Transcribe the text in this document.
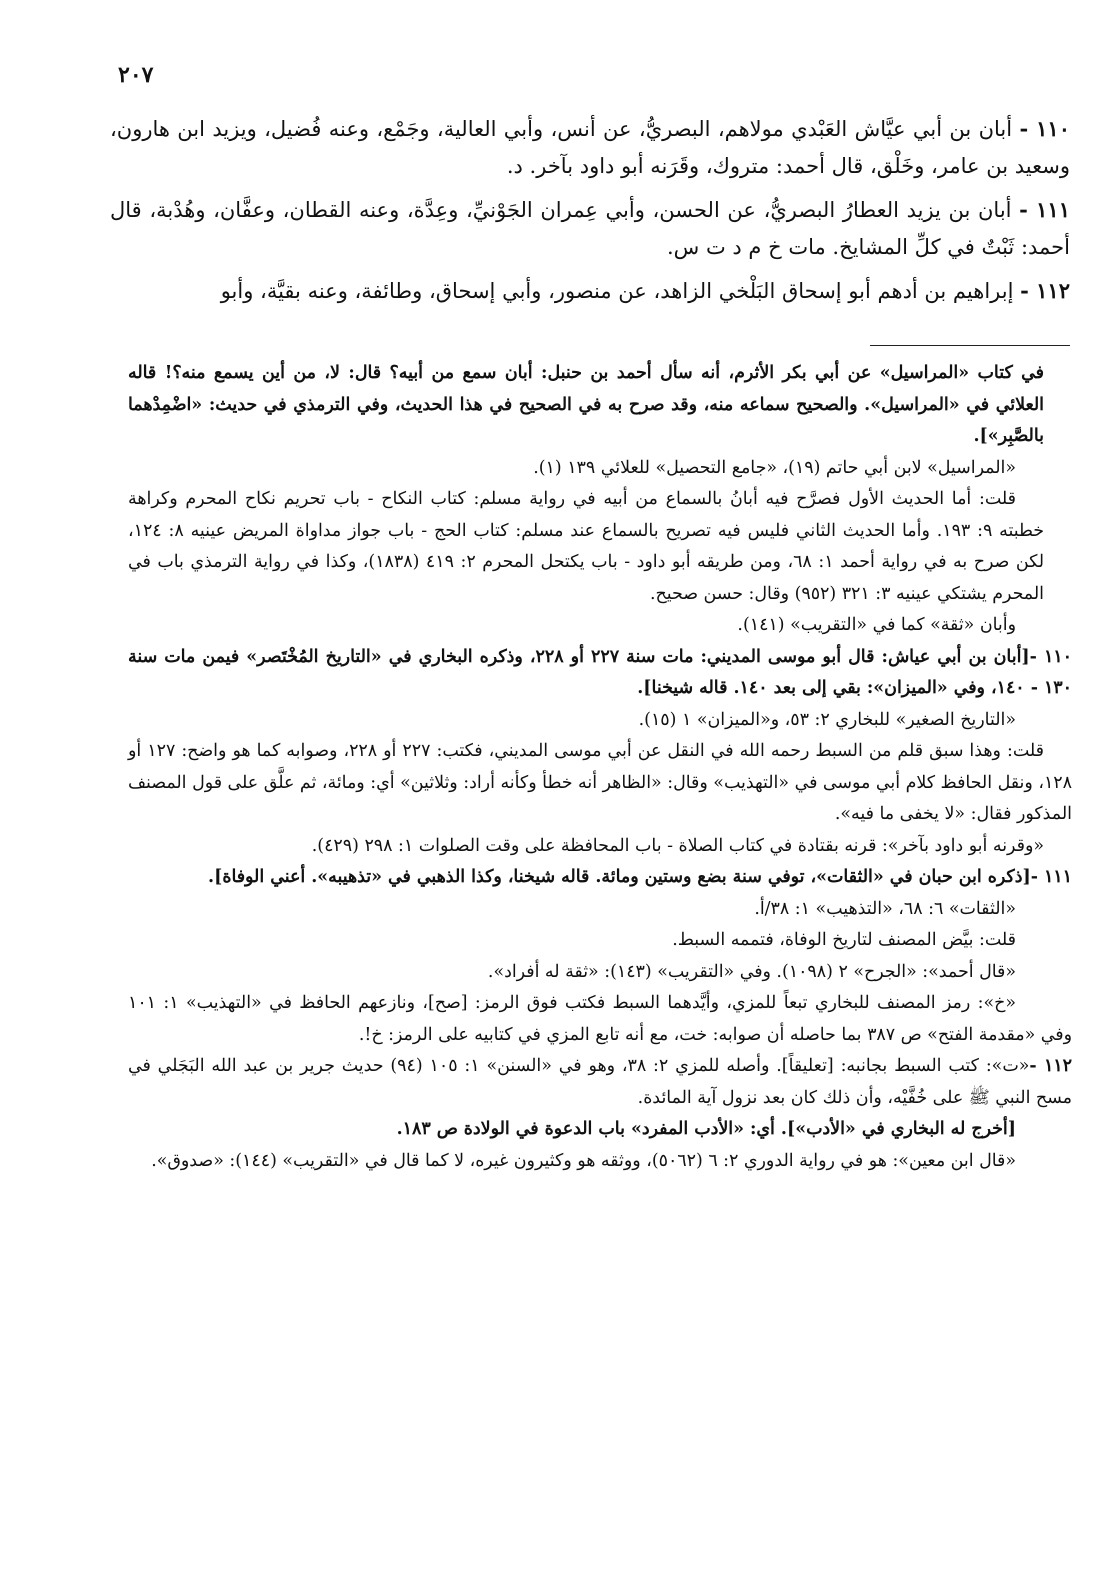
٢٠٧

١١٠ - أبان بن أبي عيَّاش العَبْدي مولاهم، البصريُّ، عن أنس، وأبي العالية، وجَمْع، وعنه فُضيل، ويزيد ابن هارون، وسعيد بن عامر، وخَلْق، قال أحمد: متروك، وقَرَنه أبو داود بآخر. د.

١١١ - أبان بن يزيد العطارُ البصريُّ، عن الحسن، وأبي عِمران الجَوْنيِّ، وعِدَّة، وعنه القطان، وعفَّان، وهُدْبة، قال أحمد: ثَبْتٌ في كلِّ المشايخ. مات خ م د ت س.

١١٢ - إبراهيم بن أدهم أبو إسحاق البَلْخي الزاهد، عن منصور، وأبي إسحاق، وطائفة، وعنه بقيَّة، وأبو

في كتاب «المراسيل» عن أبي بكر الأثرم، أنه سأل أحمد بن حنبل: أبان سمع من أبيه؟ قال: لا، من أين يسمع منه؟! قاله العلائي في «المراسيل». والصحيح سماعه منه، وقد صرح به في الصحيح في هذا الحديث، وفي الترمذي في حديث: «اضْمِدْهما بالصَّبِر»].

«المراسيل» لابن أبي حاتم (١٩)، «جامع التحصيل» للعلائي ١٣٩ (١).

قلت: أما الحديث الأول فصرَّح فيه أبانُ بالسماع من أبيه في رواية مسلم: كتاب النكاح - باب تحريم نكاح المحرم وكراهة خطبته ٩: ١٩٣. وأما الحديث الثاني فليس فيه تصريح بالسماع عند مسلم: كتاب الحج - باب جواز مداواة المريض عينيه ٨: ١٢٤، لكن صرح به في رواية أحمد ١: ٦٨، ومن طريقه أبو داود - باب يكتحل المحرم ٢: ٤١٩ (١٨٣٨)، وكذا في رواية الترمذي باب في المحرم يشتكي عينيه ٣: ٣٢١ (٩٥٢) وقال: حسن صحيح.

وأبان «ثقة» كما في «التقريب» (١٤١).

١١٠ -[أبان بن أبي عياش: قال أبو موسى المديني: مات سنة ٢٢٧ أو ٢٢٨، وذكره البخاري في «التاريخ المُخْتَصر» فيمن مات سنة ١٣٠ - ١٤٠، وفي «الميزان»: بقي إلى بعد ١٤٠. قاله شيخنا].

«التاريخ الصغير» للبخاري ٢: ٥٣، و«الميزان» ١ (١٥).

قلت: وهذا سبق قلم من السبط رحمه الله في النقل عن أبي موسى المديني، فكتب: ٢٢٧ أو ٢٢٨، وصوابه كما هو واضح: ١٢٧ أو ١٢٨، ونقل الحافظ كلام أبي موسى في «التهذيب» وقال: «الظاهر أنه خطأ وكأنه أراد: وثلاثين» أي: ومائة، ثم علَّق على قول المصنف المذكور فقال: «لا يخفى ما فيه».

«وقرنه أبو داود بآخر»: قرنه بقتادة في كتاب الصلاة - باب المحافظة على وقت الصلوات ١: ٢٩٨ (٤٢٩).

١١١ -[ذكره ابن حبان في «الثقات»، توفي سنة بضع وستين ومائة. قاله شيخنا، وكذا الذهبي في «تذهيبه». أعني الوفاة].

«الثقات» ٦: ٦٨، «التذهيب» ١: ٣٨/أ.

قلت: بيَّض المصنف لتاريخ الوفاة، فتممه السبط.

«قال أحمد»: «الجرح» ٢ (١٠٩٨). وفي «التقريب» (١٤٣): «ثقة له أفراد».

«خ»: رمز المصنف للبخاري تبعاً للمزي، وأيَّدهما السبط فكتب فوق الرمز: [صح]، ونازعهم الحافظ في «التهذيب» ١: ١٠١ وفي «مقدمة الفتح» ص ٣٨٧ بما حاصله أن صوابه: خت، مع أنه تابع المزي في كتابيه على الرمز: خ!.

١١٢ -«ت»: كتب السبط بجانبه: [تعليقاً]. وأصله للمزي ٢: ٣٨، وهو في «السنن» ١: ١٠٥ (٩٤) حديث جرير بن عبد الله البَجَلي في مسح النبي ﷺ على خُفَّيْه، وأن ذلك كان بعد نزول آية المائدة.

[أخرج له البخاري في «الأدب»]. أي: «الأدب المفرد» باب الدعوة في الولادة ص ١٨٣.

«قال ابن معين»: هو في رواية الدوري ٢: ٦ (٥٠٦٢)، ووثقه هو وكثيرون غيره، لا كما قال في «التقريب» (١٤٤): «صدوق».
